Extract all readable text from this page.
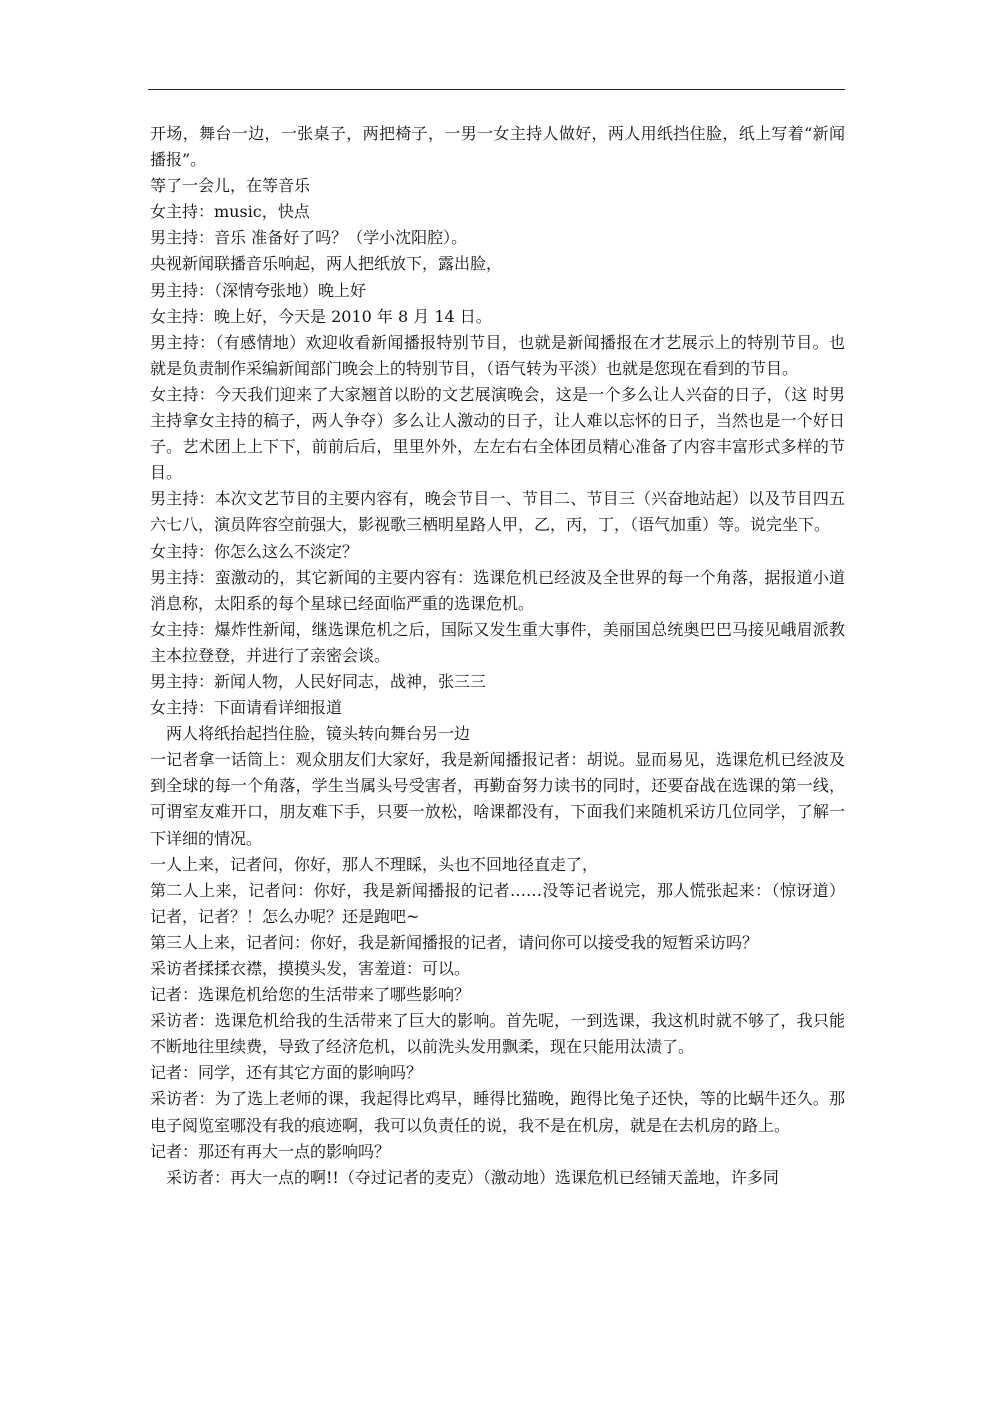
开场，舞台一边，一张桌子，两把椅子，一男一女主持人做好，两人用纸挡住脸，纸上写着“新闻播报”。

等了一会儿，在等音乐

女主持：music，快点

男主持：音乐 准备好了吗？（学小沈阳腔）。

央视新闻联播音乐响起，两人把纸放下，露出脸，

男主持：（深情夸张地）晚上好

女主持：晚上好，今天是 2010 年 8 月 14 日。

男主持：（有感情地）欢迎收看新闻播报特别节目，也就是新闻播报在才艺展示上的特别节目。也就是负责制作采编新闻部门晚会上的特别节目，（语气转为平淡）也就是您现在看到的节目。

女主持：今天我们迎来了大家翘首以盼的文艺展演晚会，这是一个多么让人兴奋的日子，（这 时男主持拿女主持的稿子，两人争夺）多么让人激动的日子，让人难以忘怀的日子，当然也是一个好日子。艺术团上上下下，前前后后，里里外外，左左右右全体团员精心准备了内容丰富形式多样的节目。

男主持：本次文艺节目的主要内容有，晚会节目一、节目二、节目三（兴奋地站起）以及节目四五六七八，演员阵容空前强大，影视歌三栖明星路人甲，乙，丙，丁，（语气加重）等。说完坐下。

女主持：你怎么这么不淡定？

男主持：蛮激动的，其它新闻的主要内容有：选课危机已经波及全世界的每一个角落，据报道小道消息称，太阳系的每个星球已经面临严重的选课危机。

女主持：爆炸性新闻，继选课危机之后，国际又发生重大事件，美丽国总统奥巴巴马接见峨眉派教主本拉登登，并进行了亲密会谈。

男主持：新闻人物，人民好同志，战神，张三三

女主持：下面请看详细报道

两人将纸抬起挡住脸，镜头转向舞台另一边

一记者拿一话筒上：观众朋友们大家好，我是新闻播报记者：胡说。显而易见，选课危机已经波及到全球的每一个角落，学生当属头号受害者，再勤奋努力读书的同时，还要奋战在选课的第一线，可谓室友难开口，朋友难下手，只要一放松，啥课都没有，下面我们来随机采访几位同学，了解一下详细的情况。

一人上来，记者问，你好，那人不理睬，头也不回地径直走了，

第二人上来，记者问：你好，我是新闻播报的记者……没等记者说完，那人慌张起来：（惊讶道）记者，记者？！怎么办呢？还是跑吧~

第三人上来，记者问：你好，我是新闻播报的记者，请问你可以接受我的短暂采访吗？

采访者揉揉衣襟，摸摸头发，害羞道：可以。

记者：选课危机给您的生活带来了哪些影响？

采访者：选课危机给我的生活带来了巨大的影响。首先呢，一到选课，我这机时就不够了，我只能不断地往里续费，导致了经济危机，以前洗头发用飘柔，现在只能用汰渍了。

记者：同学，还有其它方面的影响吗？

采访者：为了选上老师的课，我起得比鸡早，睡得比猫晚，跑得比兔子还快，等的比蜗牛还久。那电子阅览室哪没有我的痕迹啊，我可以负责任的说，我不是在机房，就是在去机房的路上。

记者：那还有再大一点的影响吗？

采访者：再大一点的啊!!（夺过记者的麦克）（激动地）选课危机已经铺天盖地，许多同
